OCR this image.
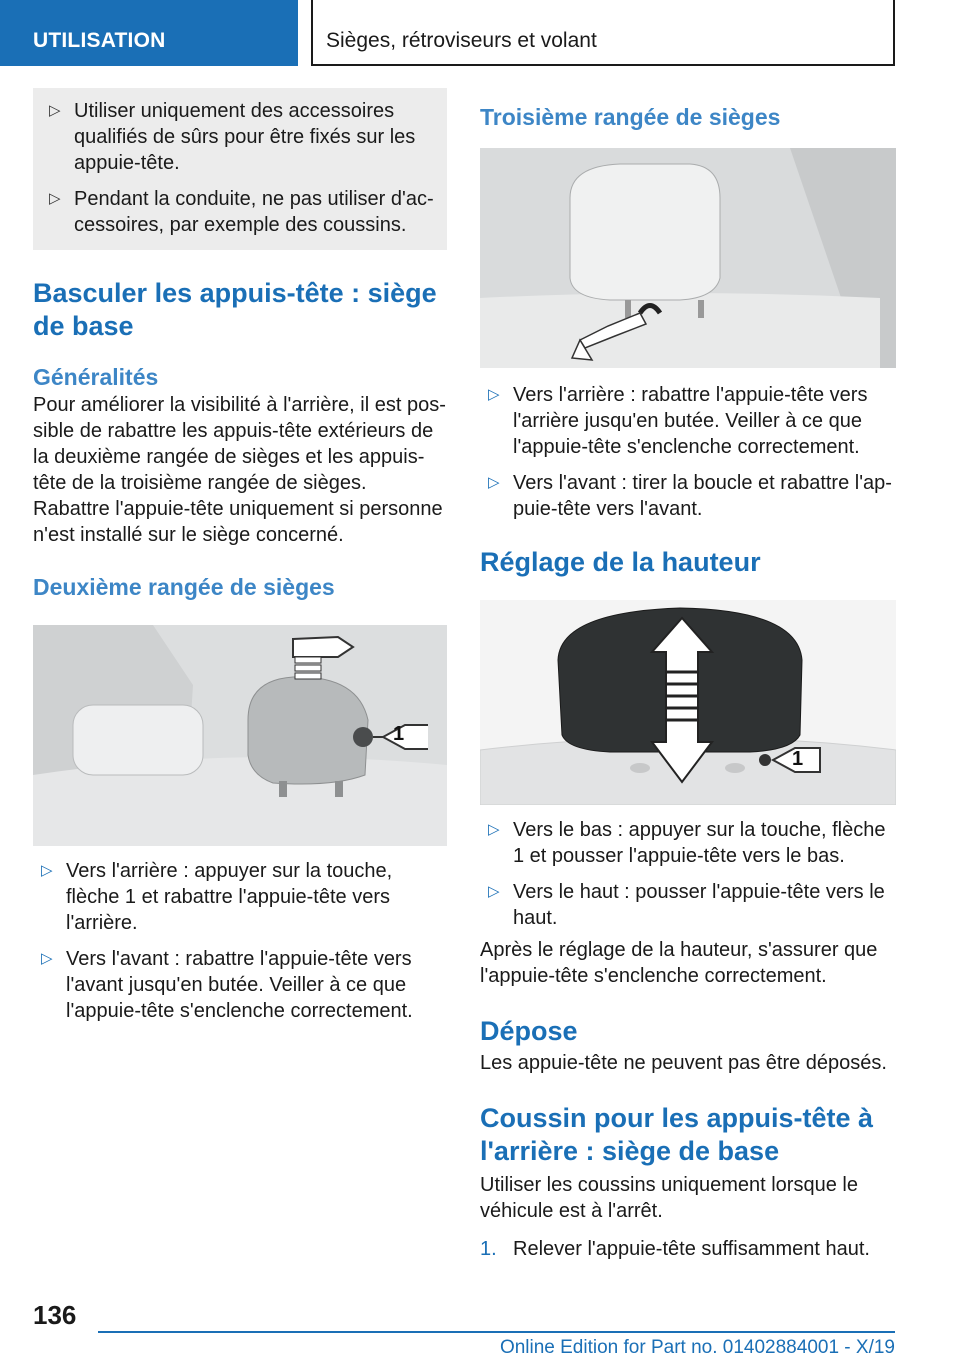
UTILISATION	Sièges, rétroviseurs et volant
▷ Utiliser uniquement des accessoires qualifiés de sûrs pour être fixés sur les appuie-tête.
▷ Pendant la conduite, ne pas utiliser d'accessoires, par exemple des coussins.
Basculer les appuis-tête : siège de base
Généralités

Pour améliorer la visibilité à l'arrière, il est possible de rabattre les appuis-tête extérieurs de la deuxième rangée de sièges et les appuis-tête de la troisième rangée de sièges. Rabattre l'appuie-tête uniquement si personne n'est installé sur le siège concerné.

Deuxième rangée de sièges
1
▷ Vers l'arrière : appuyer sur la touche, flèche 1 et rabattre l'appuie-tête vers l'arrière.
▷ Vers l'avant : rabattre l'appuie-tête vers l'avant jusqu'en butée. Veiller à ce que l'appuie-tête s'enclenche correctement.
Troisième rangée de sièges
▷ Vers l'arrière : rabattre l'appuie-tête vers l'arrière jusqu'en butée. Veiller à ce que l'appuie-tête s'enclenche correctement.
▷ Vers l'avant : tirer la boucle et rabattre l'appuie-tête vers l'avant.
Réglage de la hauteur
1
▷ Vers le bas : appuyer sur la touche, flèche 1 et pousser l'appuie-tête vers le bas.
▷ Vers le haut : pousser l'appuie-tête vers le haut.

Après le réglage de la hauteur, s'assurer que l'appuie-tête s'enclenche correctement.

Dépose

Les appuie-tête ne peuvent pas être déposés.

Coussin pour les appuis-tête à l'arrière : siège de base

Utiliser les coussins uniquement lorsque le véhicule est à l'arrêt.

1. Relever l'appuie-tête suffisamment haut.
136
Online Edition for Part no. 01402884001 - X/19
